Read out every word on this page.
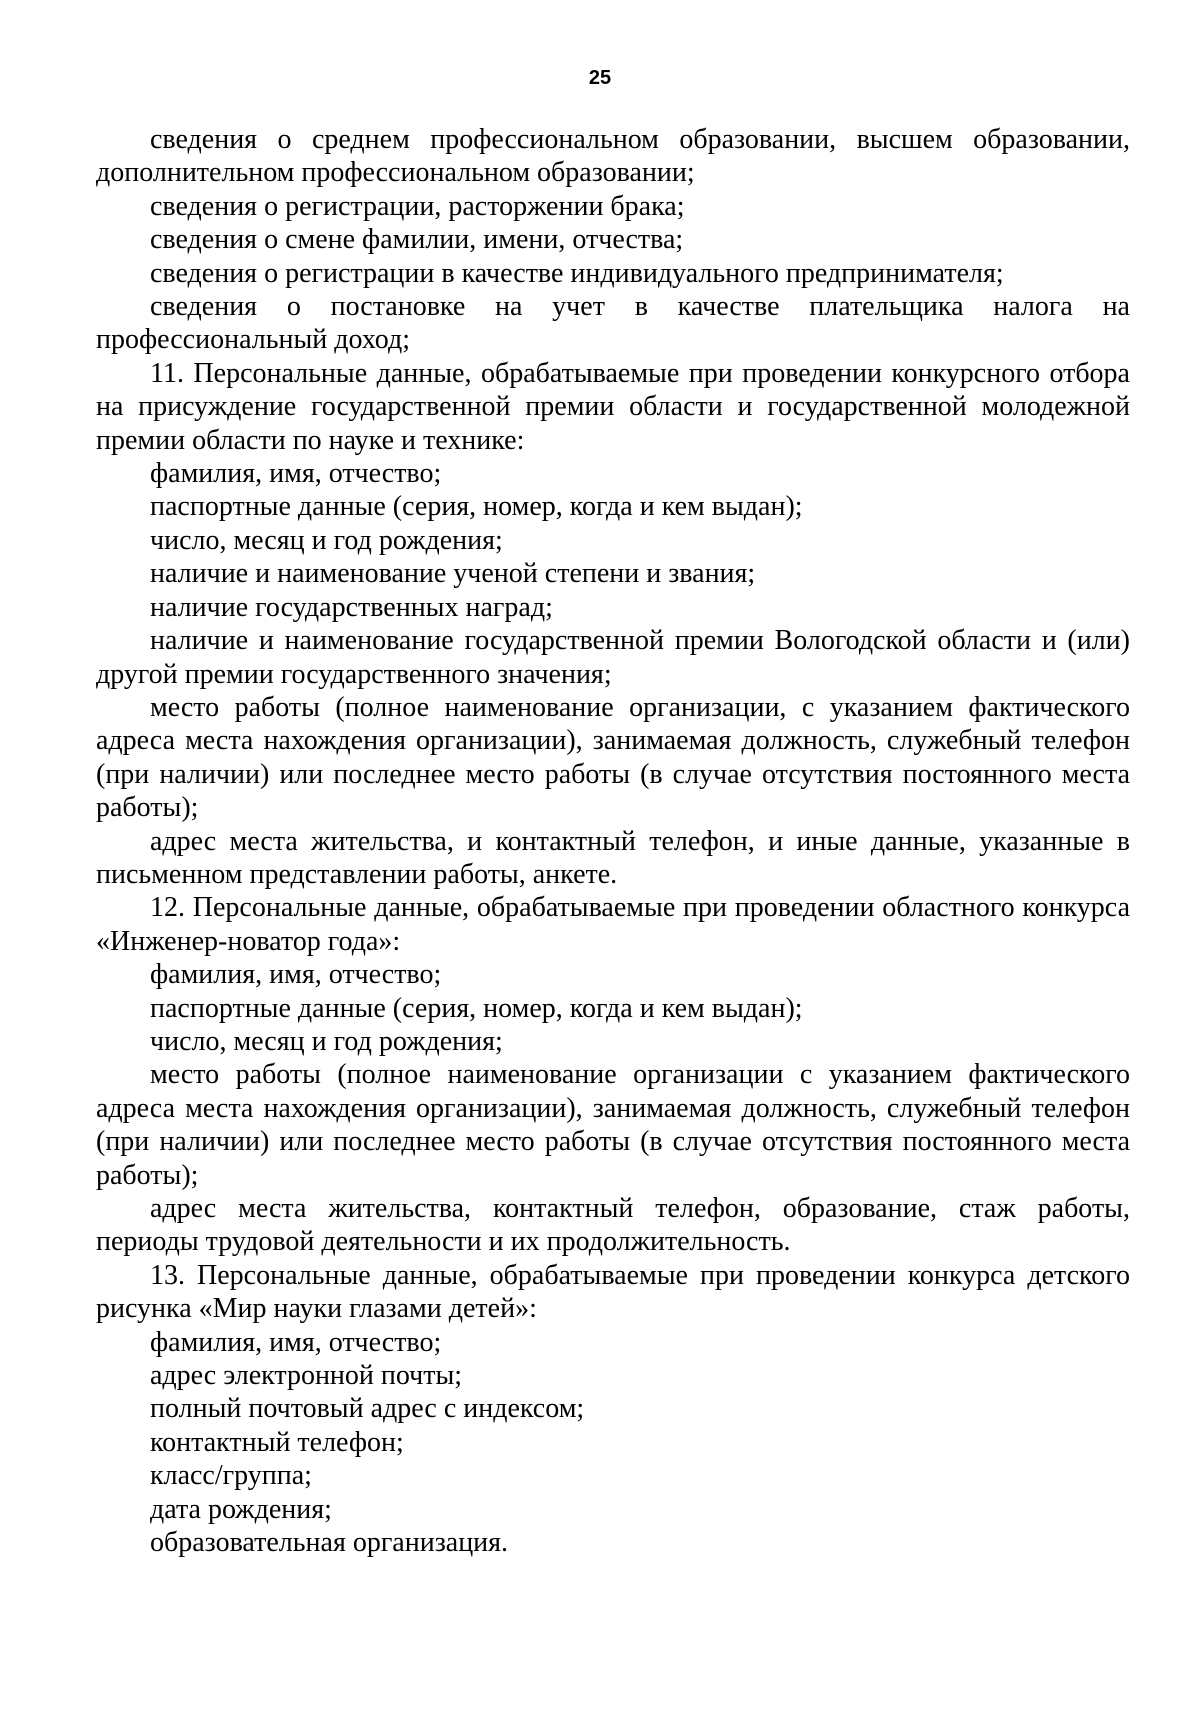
25

сведения о среднем профессиональном образовании, высшем образовании, дополнительном профессиональном образовании;

сведения о регистрации, расторжении брака;

сведения о смене фамилии, имени, отчества;

сведения о регистрации в качестве индивидуального предпринимателя;

сведения о постановке на учет в качестве плательщика налога на профессиональный доход;

11. Персональные данные, обрабатываемые при проведении конкурсного отбора на присуждение государственной премии области и государственной молодежной премии области по науке и технике:

фамилия, имя, отчество;

паспортные данные (серия, номер, когда и кем выдан);

число, месяц и год рождения;

наличие и наименование ученой степени и звания;

наличие государственных наград;

наличие и наименование государственной премии Вологодской области и (или) другой премии государственного значения;

место работы (полное наименование организации, с указанием фактического адреса места нахождения организации), занимаемая должность, служебный телефон (при наличии) или последнее место работы (в случае отсутствия постоянного места работы);

адрес места жительства, и контактный телефон, и иные данные, указанные в письменном представлении работы, анкете.

12. Персональные данные, обрабатываемые при проведении областного конкурса «Инженер-новатор года»:

фамилия, имя, отчество;

паспортные данные (серия, номер, когда и кем выдан);

число, месяц и год рождения;

место работы (полное наименование организации с указанием фактического адреса места нахождения организации), занимаемая должность, служебный телефон (при наличии) или последнее место работы (в случае отсутствия постоянного места работы);

адрес места жительства, контактный телефон, образование, стаж работы, периоды трудовой деятельности и их продолжительность.

13. Персональные данные, обрабатываемые при проведении конкурса детского рисунка «Мир науки глазами детей»:

фамилия, имя, отчество;

адрес электронной почты;

полный почтовый адрес с индексом;

контактный телефон;

класс/группа;

дата рождения;

образовательная организация.
